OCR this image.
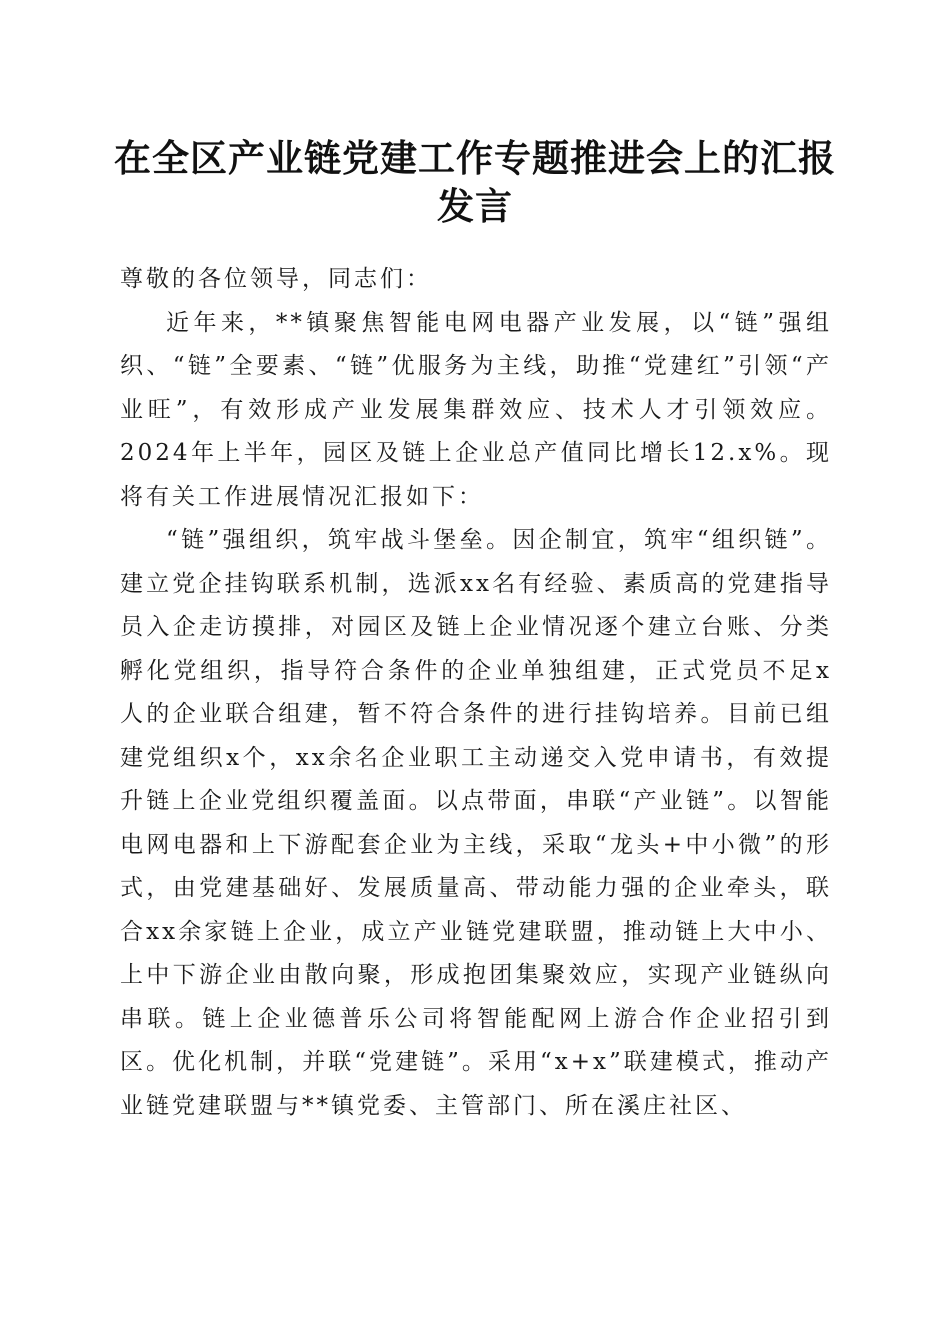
在全区产业链党建工作专题推进会上的汇报发言

尊敬的各位领导，同志们：

近年来，**镇聚焦智能电网电器产业发展，以“链”强组织、“链”全要素、“链”优服务为主线，助推“党建红”引领“产业旺”，有效形成产业发展集群效应、技术人才引领效应。2024年上半年，园区及链上企业总产值同比增长12.x%。现将有关工作进展情况汇报如下：

“链”强组织，筑牢战斗堡垒。因企制宜，筑牢“组织链”。建立党企挂钩联系机制，选派xx名有经验、素质高的党建指导员入企走访摸排，对园区及链上企业情况逐个建立台账、分类孵化党组织，指导符合条件的企业单独组建，正式党员不足x人的企业联合组建，暂不符合条件的进行挂钩培养。目前已组建党组织x个，xx余名企业职工主动递交入党申请书，有效提升链上企业党组织覆盖面。以点带面，串联“产业链”。以智能电网电器和上下游配套企业为主线，采取“龙头+中小微”的形式，由党建基础好、发展质量高、带动能力强的企业牵头，联合xx余家链上企业，成立产业链党建联盟，推动链上大中小、上中下游企业由散向聚，形成抱团集聚效应，实现产业链纵向串联。链上企业德普乐公司将智能配网上游合作企业招引到区。优化机制，并联“党建链”。采用“x+x”联建模式，推动产业链党建联盟与**镇党委、主管部门、所在溪庄社区、
